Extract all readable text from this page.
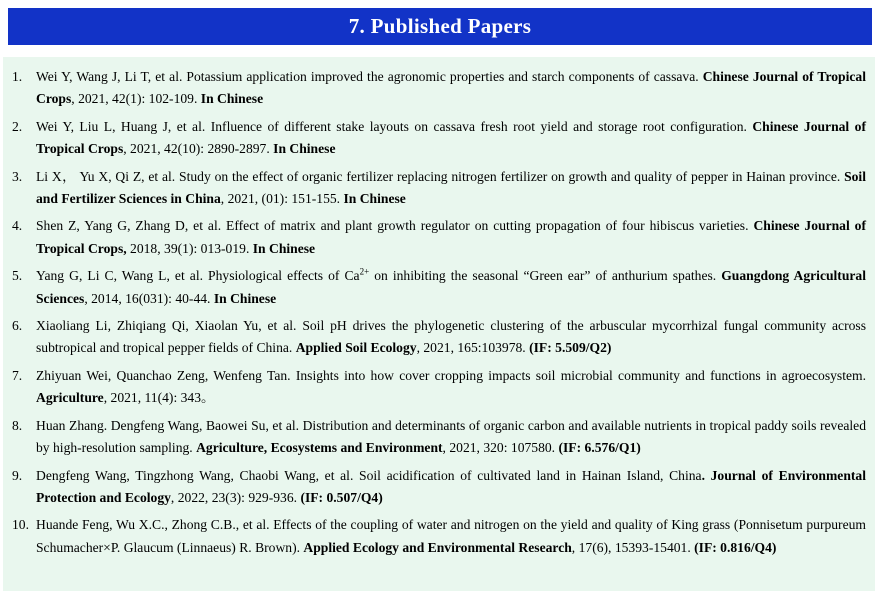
7. Published Papers
1.	Wei Y, Wang J, Li T, et al. Potassium application improved the agronomic properties and starch components of cassava. Chinese Journal of Tropical Crops, 2021, 42(1): 102-109. In Chinese
2.	Wei Y, Liu L, Huang J, et al. Influence of different stake layouts on cassava fresh root yield and storage root configuration. Chinese Journal of Tropical Crops, 2021, 42(10): 2890-2897. In Chinese
3.	Li X， Yu X, Qi Z, et al. Study on the effect of organic fertilizer replacing nitrogen fertilizer on growth and quality of pepper in Hainan province. Soil and Fertilizer Sciences in China, 2021, (01): 151-155. In Chinese
4.	Shen Z, Yang G, Zhang D, et al. Effect of matrix and plant growth regulator on cutting propagation of four hibiscus varieties. Chinese Journal of Tropical Crops, 2018, 39(1): 013-019. In Chinese
5.	Yang G, Li C, Wang L, et al. Physiological effects of $Ca^{2+}$ on inhibiting the seasonal “Green ear” of anthurium spathes. Guangdong Agricultural Sciences, 2014, 16(031): 40-44. In Chinese
6.	Xiaoliang Li, Zhiqiang Qi, Xiaolan Yu, et al. Soil pH drives the phylogenetic clustering of the arbuscular mycorrhizal fungal community across subtropical and tropical pepper fields of China. Applied Soil Ecology, 2021, 165:103978. (IF: 5.509/Q2)
7.	Zhiyuan Wei, Quanchao Zeng, Wenfeng Tan. Insights into how cover cropping impacts soil microbial community and functions in agroecosystem. Agriculture, 2021, 11(4): 343。
8.	Huan Zhang. Dengfeng Wang, Baowei Su, et al. Distribution and determinants of organic carbon and available nutrients in tropical paddy soils revealed by high-resolution sampling. Agriculture, Ecosystems and Environment, 2021, 320: 107580. (IF: 6.576/Q1)
9.	Dengfeng Wang, Tingzhong Wang, Chaobi Wang, et al. Soil acidification of cultivated land in Hainan Island, China. Journal of Environmental Protection and Ecology, 2022, 23(3): 929-936. (IF: 0.507/Q4)
10. Huande Feng, Wu X.C., Zhong C.B., et al. Effects of the coupling of water and nitrogen on the yield and quality of King grass (Ponnisetum purpureum Schumacher×P. Glaucum (Linnaeus) R. Brown). Applied Ecology and Environmental Research, 17(6), 15393-15401. (IF: 0.816/Q4)
